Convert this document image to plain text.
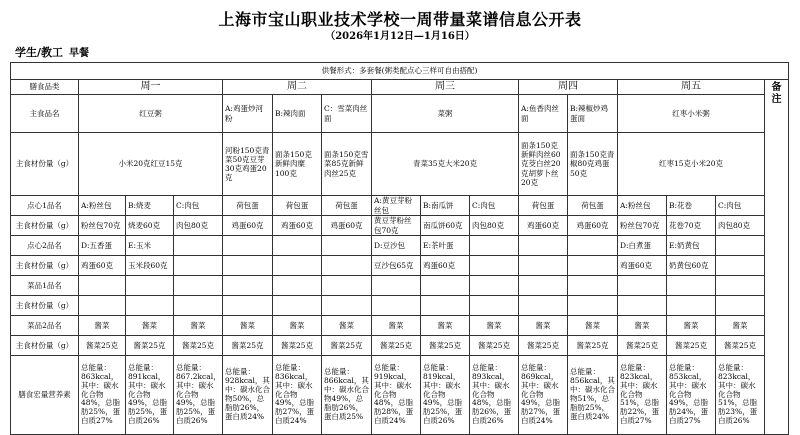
上海市宝山职业技术学校一周带量菜谱信息公开表
（2026年1月12日—1月16日）
学生/教工 早餐
供餐形式：多套餐(粥类配点心三样可自由搭配)															
膳食品类	周一			周二			周三			周四		周五			备注
主食品名	红豆粥			A:鸡蛋炒河粉	B:辣肉面	C：雪菜肉丝面	菜粥			A:鱼香肉丝面	B:辣椒炒鸡蛋面	红枣小米粥			
主食材份量（g）	小米20克红豆15克			河粉150克青菜50克豆芽30克鸡蛋20克	面条150克新鲜肉糜100克	面条150克雪菜85克新鲜肉丝25克	青菜35克大米20克			面条150克新鲜肉丝60克茭白丝20克胡萝卜丝20克	面条150克青椒80克鸡蛋50克	红枣15克小米20克			
点心1品名	A:粉丝包	B:烧麦	C:肉包	荷包蛋	荷包蛋	荷包蛋	A:黄豆芽粉丝包	B:南瓜饼	C:肉包	荷包蛋	荷包蛋	A:粉丝包	B:花卷	C:肉包	
主食材份量（g）	粉丝包70克	烧麦60克	肉包80克	鸡蛋60克	鸡蛋60克	鸡蛋60克	黄豆芽粉丝包70克	南瓜饼60克	肉包80克	鸡蛋60克	鸡蛋60克	粉丝包70克	花卷70克	肉包80克	
点心2品名	D:五香蛋	E:玉米					D:豆沙包	E:茶叶蛋				D:白煮蛋	E:奶黄包		
主食材份量（g）	鸡蛋60克	玉米段60克					豆沙包65克	鸡蛋60克				鸡蛋60克	奶黄包60克		
菜品1品名															
主食材份量（g）															
菜品2品名	酱菜	酱菜	酱菜	酱菜	酱菜	酱菜	酱菜	酱菜	酱菜	酱菜	酱菜	酱菜	酱菜	酱菜	
主食材份量（g）	酱菜25克	酱菜25克	酱菜25克	酱菜25克	酱菜25克	酱菜25克	酱菜25克	酱菜25克	酱菜25克	酱菜25克	酱菜25克	酱菜25克	酱菜25克	酱菜25克	
膳食宏量营养素	总能量：863kcal，其中：碳水化合物48%，总脂肪25%，蛋白质27%	总能量：891kcal，其中：碳水化合物49%，总脂肪25%，蛋白质26%	总能量：867.2kcal，其中：碳水化合物49%，总脂肪25%，蛋白质26%	总能量：928kcal，其中：碳水化合物50%，总脂肪26%，蛋白质24%	总能量：836kcal，其中：碳水化合物49%，总脂肪27%，蛋白质24%	总能量：866kcal，其中：碳水化合物49%，总脂肪26%，蛋白质25%	总能量：919kcal，其中：碳水化合物48%，总脂肪28%，蛋白质24%	总能量：819kcal，其中：碳水化合物49%，总脂肪25%，蛋白质26%	总能量：893kcal，其中：碳水化合物48%，总脂肪26%，蛋白质26%	总能量：869kcal，其中：碳水化合物49%，总脂肪27%，蛋白质24%	总能量：856kcal，其中：碳水化合物51%，总脂肪25%，蛋白质24%	总能量：823kcal，其中：碳水化合物51%，总脂肪22%，蛋白质27%	总能量：853kcal，其中：碳水化合物49%，总脂肪24%，蛋白质27%	总能量：823kcal，其中：碳水化合物51%，总脂肪23%，蛋白质26%	
